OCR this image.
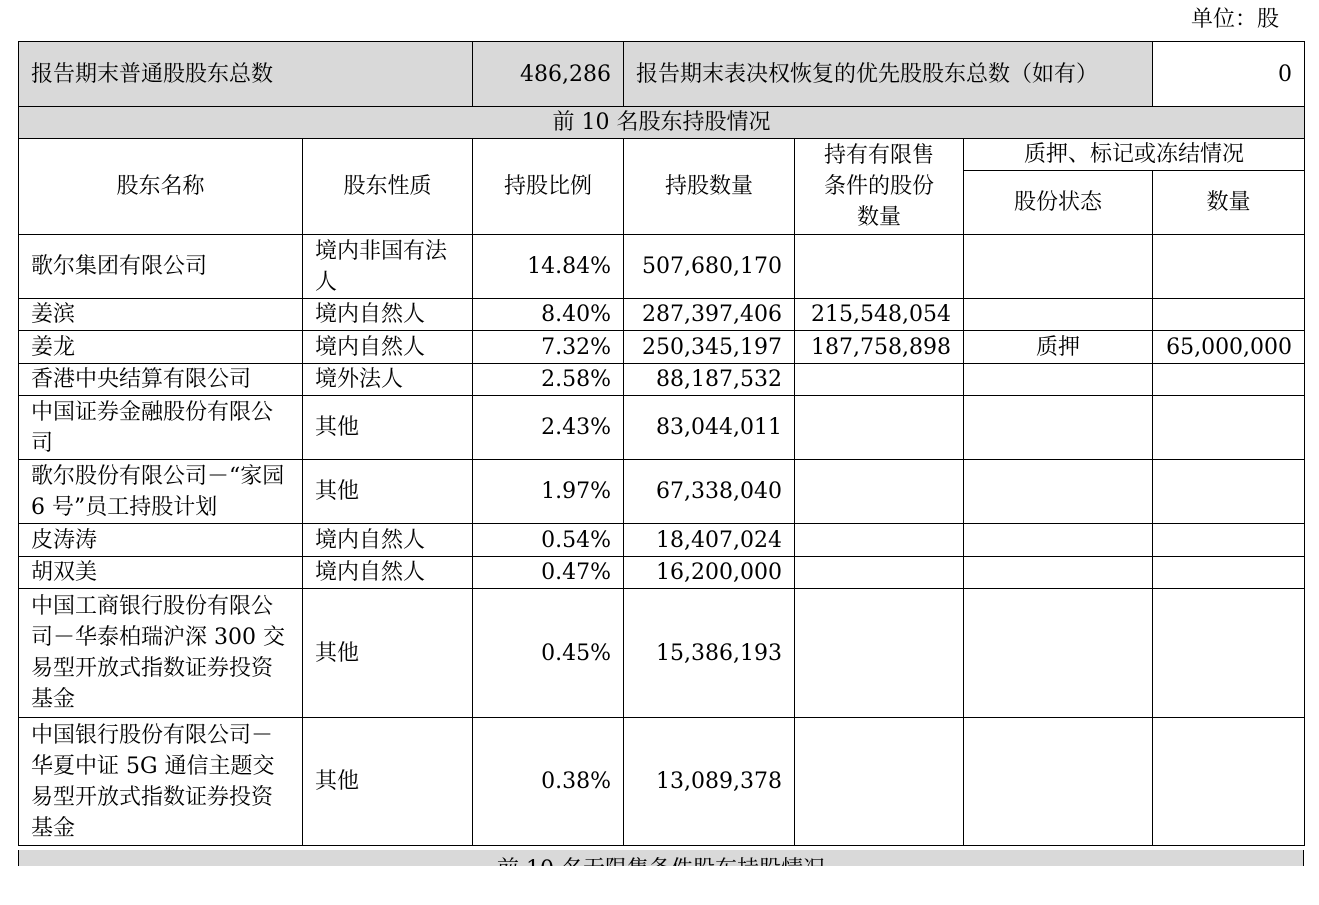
单位：股
报告期末普通股股东总数		486,286	报告期末表决权恢复的优先股股东总数（如有）			0
前 10 名股东持股情况						
股东名称	股东性质	持股比例	持股数量	持有有限售条件的股份数量	质押、标记或冻结情况	
					股份状态	数量
歌尔集团有限公司	境内非国有法人	14.84%	507,680,170			
姜滨	境内自然人	8.40%	287,397,406	215,548,054		
姜龙	境内自然人	7.32%	250,345,197	187,758,898	质押	65,000,000
香港中央结算有限公司	境外法人	2.58%	88,187,532			
中国证券金融股份有限公司	其他	2.43%	83,044,011			
歌尔股份有限公司－“家园 6 号”员工持股计划	其他	1.97%	67,338,040			
皮涛涛	境内自然人	0.54%	18,407,024			
胡双美	境内自然人	0.47%	16,200,000			
中国工商银行股份有限公司－华泰柏瑞沪深 300 交易型开放式指数证券投资基金	其他	0.45%	15,386,193			
中国银行股份有限公司－华夏中证 5G 通信主题交易型开放式指数证券投资基金	其他	0.38%	13,089,378			
